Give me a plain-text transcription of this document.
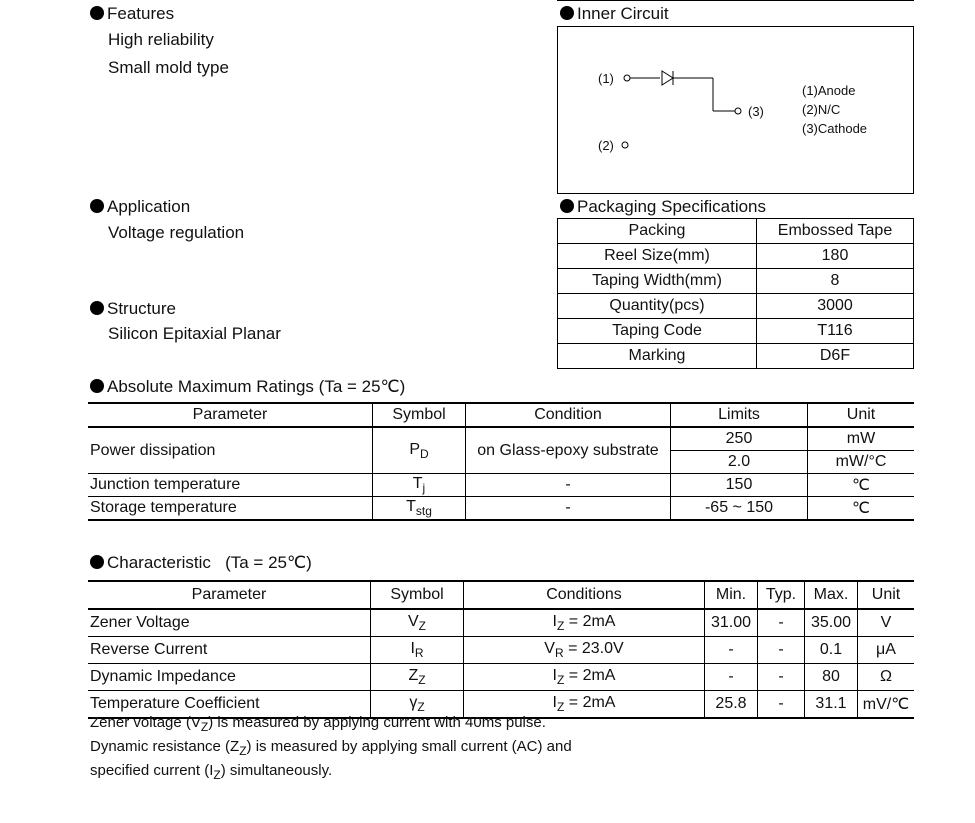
Features
High reliability
Small mold type
Application
Voltage regulation
Structure
Silicon Epitaxial Planar
Inner Circuit
(1)
(3)
(2)
(1)Anode
(2)N/C
(3)Cathode
Packaging Specifications
Packing	Embossed Tape
Reel Size(mm)	180
Taping Width(mm)	8
Quantity(pcs)	3000
Taping Code	T116
Marking	D6F
Absolute Maximum Ratings (Ta = 25℃)
Parameter	Symbol	Condition	Limits	Unit
Power dissipation	$P_D$	on Glass-epoxy substrate	250	mW
			2.0	mW/°C
Junction temperature	$T_j$	-	150	℃
Storage temperature	$T_{stg}$	-	-65 ~ 150	℃
Characteristic (Ta = 25℃)
Parameter	Symbol	Conditions	Min.	Typ.	Max.	Unit
Zener Voltage	$V_Z$	$I_Z = 2mA$	31.00	-	35.00	V
Reverse Current	$I_R$	$V_R = 23.0V$	-	-	0.1	μA
Dynamic Impedance	$Z_Z$	$I_Z = 2mA$	-	-	80	Ω
Temperature Coefficient	$\gamma_Z$	$I_Z = 2mA$	25.8	-	31.1	mV/℃
Zener voltage $(V_Z)$ is measured by applying current with 40ms pulse.
Dynamic resistance $(Z_Z)$ is measured by applying small current (AC) and
specified current $(I_Z)$ simultaneously.
